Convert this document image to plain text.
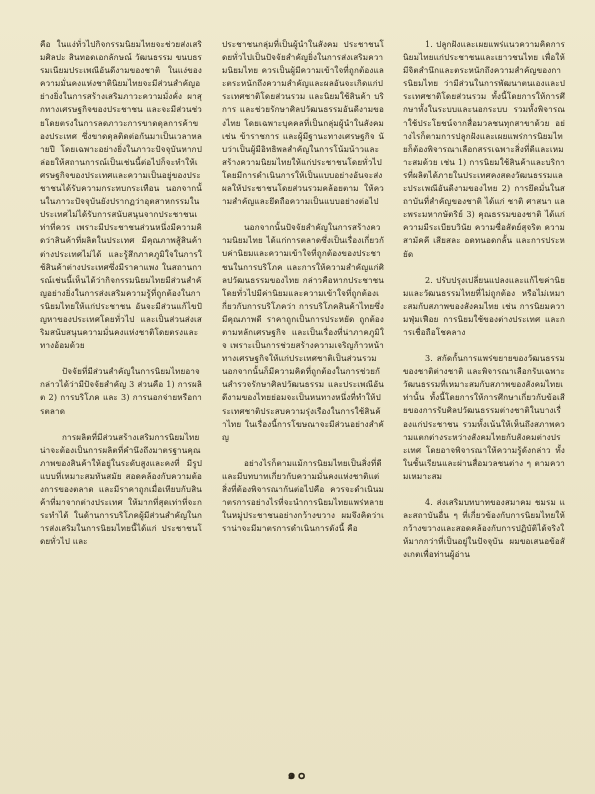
คือ ในแง่ทั่วไปกิจกรรมนิยมไทยจะช่วยส่งเสริมศิลปะ สินทอดเอกลักษณ์ วัฒนธรรม ขนบธรรมเนียมประเพณีอันดีงามของชาติ ในแง่ของความมั่นคงแห่งชาตินิยมไทยจะมีส่วนสำคัญอย่างยิ่งในการสร้างเสริมภาวะความมั่งคั่ง ผาสุกทางเศรษฐกิจของประชาชน และจะมีส่วนช่วยโดยตรงในการลดภาวะการขาดดุลการค้าของประเทศ ซึ่งขาดดุลติดต่อกันมาเป็นเวลาหลายปี โดยเฉพาะอย่างยิ่งในภาวะปัจจุบันหากปล่อยให้สถานการณ์เป็นเช่นนี้ต่อไปก็จะทำให้เศรษฐกิจของประเทศและความเป็นอยู่ของประชาชนได้รับความกระทบกระเทือน นอกจากนั้นในภาวะปัจจุบันยังปรากฏว่าอุตสาหกรรมในประเทศไม่ได้รับการสนับสนุนจากประชาชนเท่าที่ควร เพราะมีประชาชนส่วนหนึ่งมีความคิดว่าสินค้าที่ผลิตในประเทศ มีคุณภาพสู้สินค้าต่างประเทศไม่ได้ และรู้สึกภาคภูมิใจในการใช้สินค้าต่างประเทศซึ่งมีราคาแพง ในสถานการณ์เช่นนี้เห็นได้ว่ากิจกรรมนิยมไทยมีส่วนสำคัญอย่างยิ่งในการส่งเสริมความรู้ที่ถูกต้องในการนิยมไทยให้แก่ประชาชน อันจะมีส่วนแก้ไขปัญหาของประเทศโดยทั่วไป และเป็นส่วนส่งเสริมสนับสนุนความมั่นคงแห่งชาติโดยตรงและทางอ้อมด้วย

ปัจจัยที่มีส่วนสำคัญในการนิยมไทยอาจกล่าวได้ว่ามีปัจจัยสำคัญ 3 ส่วนคือ 1) การผลิต 2) การบริโภค และ 3) การนอกจ่ายหรือการตลาด

การผลิตที่มีส่วนสร้างเสริมการนิยมไทย น่าจะต้องเป็นการผลิตที่คำนึงถึงมาตรฐานคุณภาพของสินค้าให้อยู่ในระดับสูงและคงที่ มีรูปแบบที่เหมาะสมทันสมัย สอดคล้องกับความต้องการของตลาด และมีราคาถูกเมื่อเทียบกับสินค้าที่มาจากต่างประเทศ ให้มากที่สุดเท่าที่จะกระทำได้ ในด้านการบริโภคผู้มีส่วนสำคัญในการส่งเสริมในการนิยมไทยนี้ได้แก่ ประชาชนโดยทั่วไป และ

ประชาชนกลุ่มที่เป็นผู้นำในสังคม ประชาชนโดยทั่วไปเป็นปัจจัยสำคัญยิ่งในการส่งเสริมความนิยมไทย ควรเป็นผู้มีความเข้าใจที่ถูกต้องและตระหนักถึงความสำคัญและผลอันจะเกิดแก่ประเทศชาติโดยส่วนรวม และนิยมใช้สินค้า บริการ และช่วยรักษาศิลปวัฒนธรรมอันดีงามของไทย โดยเฉพาะบุคคลที่เป็นกลุ่มผู้นำในสังคม เช่น ข้าราชการ และผู้มีฐานะทางเศรษฐกิจ นับว่าเป็นผู้มีอิทธิพลสำคัญในการโน้มน้าวและสร้างความนิยมไทยให้แก่ประชาชนโดยทั่วไป โดยมีการดำเนินการให้เป็นแบบอย่างอันจะส่งผลให้ประชาชนโดยส่วนรวมคล้อยตาม ให้ความสำคัญและยึดถือความเป็นแบบอย่างต่อไป

นอกจากนั้นปัจจัยสำคัญในการสร้างความนิยมไทย ได้แก่การตลาดซึ่งเป็นเรื่องเกี่ยวกับค่านิยมและความเข้าใจที่ถูกต้องของประชาชนในการบริโภค และการให้ความสำคัญแก่ศิลปวัฒนธรรมของไทย กล่าวคือหากประชาชนโดยทั่วไปมีค่านิยมและความเข้าใจที่ถูกต้องเกี่ยวกับการบริโภคว่า การบริโภคสินค้าไทยซึ่งมีคุณภาพดี ราคาถูกเป็นการประหยัด ถูกต้องตามหลักเศรษฐกิจ และเป็นเรื่องที่น่าภาคภูมิใจ เพราะเป็นการช่วยสร้างความเจริญก้าวหน้าทางเศรษฐกิจให้แก่ประเทศชาติเป็นส่วนรวม นอกจากนั้นก็มีความคิดที่ถูกต้องในการช่วยกันสำรวจรักษาศิลปวัฒนธรรม และประเพณีอันดีงามของไทยย่อมจะเป็นหนทางหนึ่งที่ทำให้ประเทศชาติประสบความรุ่งเรืองในการใช้สินค้าไทย ในเรื่องนี้การโฆษณาจะมีส่วนอย่างสำคัญ

อย่างไรก็ตามแม้การนิยมไทยเป็นสิ่งที่ดี และมีบทบาทเกี่ยวกับความมั่นคงแห่งชาติแต่สิ่งที่ต้องพิจารณากันต่อไปคือ ควรจะดำเนินมาตรการอย่างไรที่จะนำการนิยมไทยแพร่หลายในหมู่ประชาชนอย่างกว้างขวาง ผมจึงคิดว่าเราน่าจะมีมาตรการดำเนินการดังนี้ คือ

1. ปลูกฝังและเผยแพร่แนวความคิดการนิยมไทยแก่ประชาชนและเยาวชนไทย เพื่อให้มีจิตสำนึกและตระหนักถึงความสำคัญของการนิยมไทย ว่ามีส่วนในการพัฒนาตนเองและประเทศชาติโดยส่วนรวม ทั้งนี้โดยการให้การศึกษาทั้งในระบบและนอกระบบ รวมทั้งพิจารณาใช้ประโยชน์จากสื่อมวลชนทุกสาขาด้วย อย่างไรก็ตามการปลูกฝังและเผยแพร่การนิยมไทยก็ต้องพิจารณาเลือกสรรเฉพาะสิ่งที่ดีและเหมาะสมด้วย เช่น 1) การนิยมใช้สินค้าและบริการที่ผลิตได้ภายในประเทศคงสดงวัฒนธรรมและประเพณีอันดีงามของไทย 2) การยึดมั่นในสถาบันที่สำคัญของชาติ ได้แก่ ชาติ ศาสนา และพระมหากษัตริย์ 3) คุณธรรมของชาติ ได้แก่ ความมีระเบียบวินัย ความซื่อสัตย์สุจริต ความสามัคคี เสียสละ อดทนอดกลั้น และการประหยัด

2. ปรับปรุงเปลี่ยนแปลงและแก้ไขค่านิยมและวัฒนธรรมไทยที่ไม่ถูกต้อง หรือไม่เหมาะสมกับสภาพของสังคมไทย เช่น การนิยมความฟุ่มเฟือย การนิยมใช้ของต่างประเทศ และการเชื่อถือโชคลาง

3. สกัดกั้นการแพร่ขยายของวัฒนธรรมของชาติต่างชาติ และพิจารณาเลือกรับเฉพาะวัฒนธรรมที่เหมาะสมกับสภาพของสังคมไทยเท่านั้น ทั้งนี้โดยการให้การศึกษาเกี่ยวกับข้อเสียของการรับศิลปวัฒนธรรมต่างชาติในบางเรื่องแก่ประชาชน รวมทั้งเน้นให้เห็นถึงสภาพความแตกต่างระหว่างสังคมไทยกับสังคมต่างประเทศ โดยอาจพิจารณาให้ความรู้ดังกล่าว ทั้งในชั้นเรียนและผ่านสื่อมวลชนต่าง ๆ ตามความเหมาะสม

4. ส่งเสริมบทบาทของสมาคม ชมรม และสถาบันอื่น ๆ ที่เกี่ยวข้องกับการนิยมไทยให้กว้างขวางและสอดคล้องกับการปฏิบัติได้จริงให้มากกว่าที่เป็นอยู่ในปัจจุบัน ผมขอเสนอข้อสังเกตเพื่อท่านผู้อ่าน

๑๐
